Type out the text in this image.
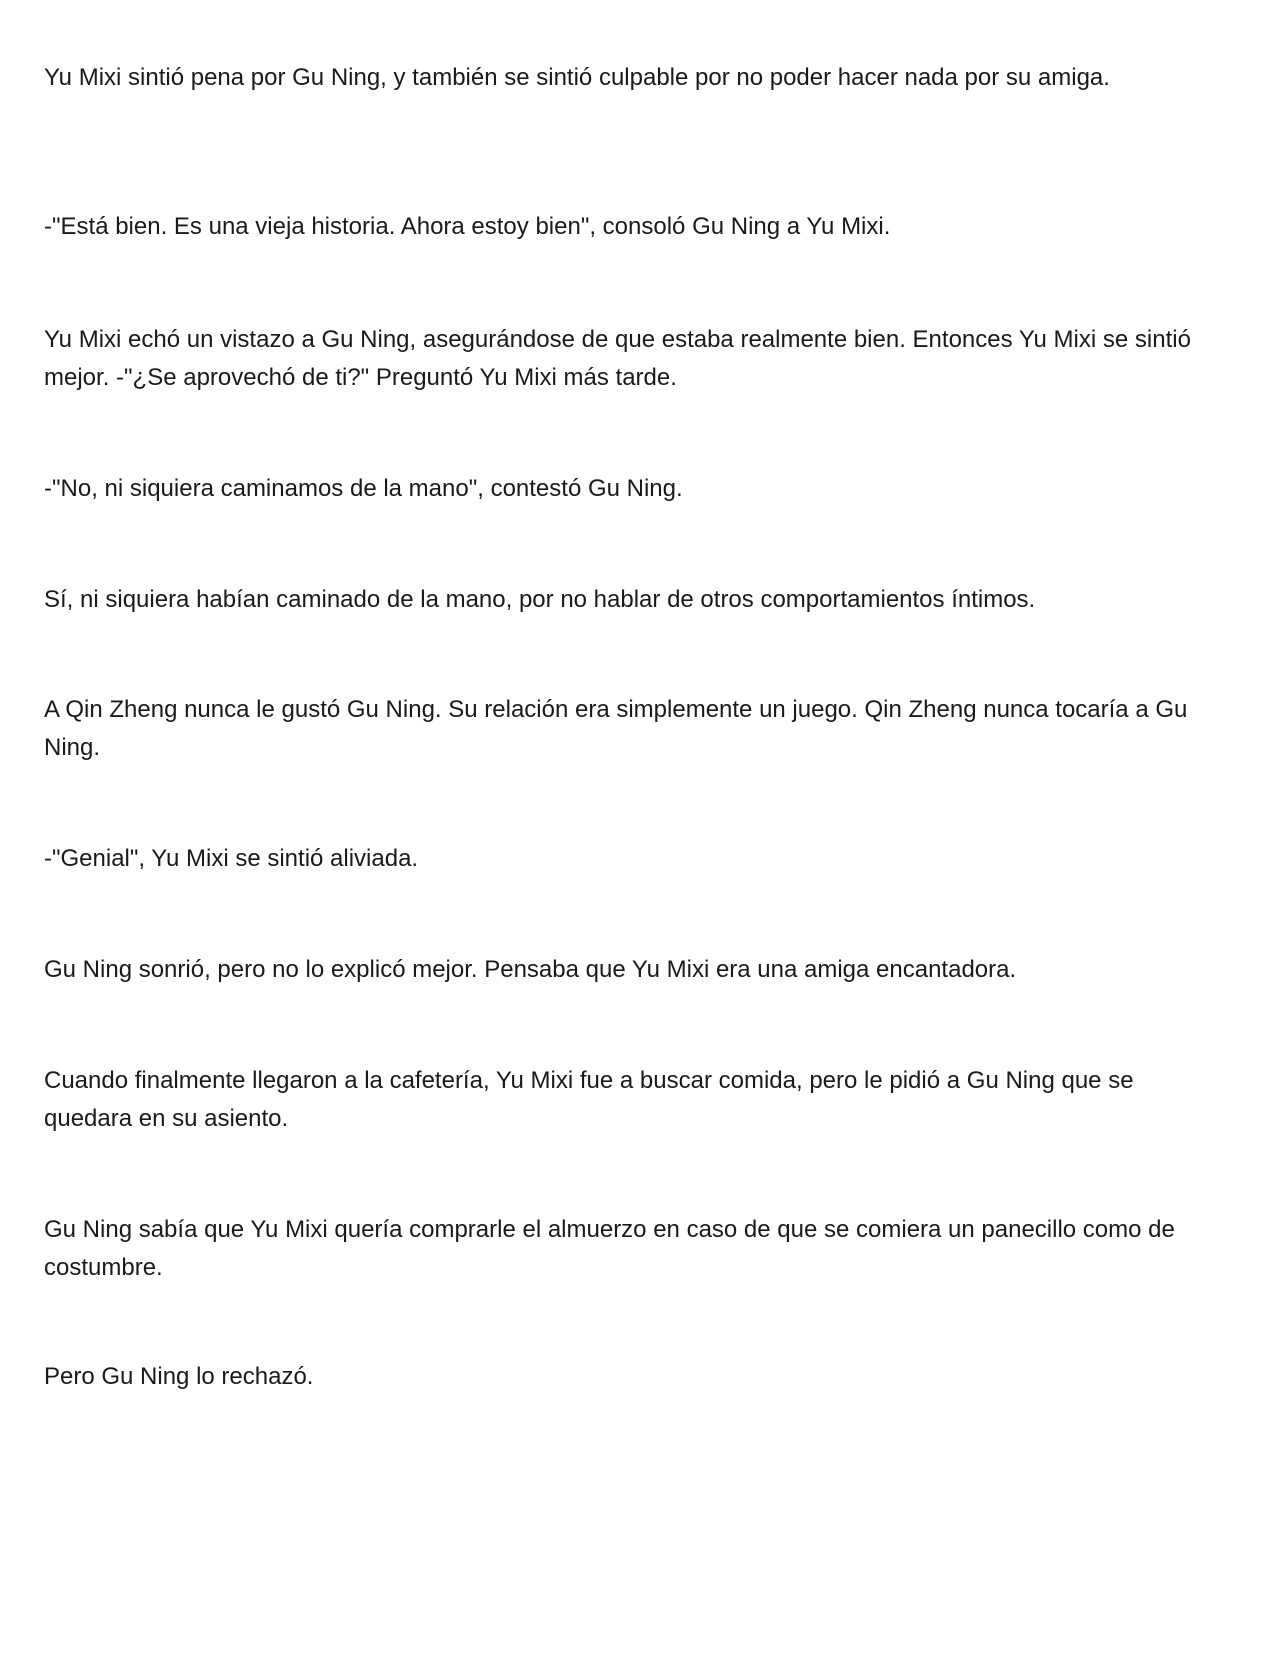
Yu Mixi sintió pena por Gu Ning, y también se sintió culpable por no poder hacer nada por su amiga.

-"Está bien. Es una vieja historia. Ahora estoy bien", consoló Gu Ning a Yu Mixi.

Yu Mixi echó un vistazo a Gu Ning, asegurándose de que estaba realmente bien. Entonces Yu Mixi se sintió mejor. -"¿Se aprovechó de ti?" Preguntó Yu Mixi más tarde.

-"No, ni siquiera caminamos de la mano", contestó Gu Ning.

Sí, ni siquiera habían caminado de la mano, por no hablar de otros comportamientos íntimos.

A Qin Zheng nunca le gustó Gu Ning. Su relación era simplemente un juego. Qin Zheng nunca tocaría a Gu Ning.

-"Genial", Yu Mixi se sintió aliviada.

Gu Ning sonrió, pero no lo explicó mejor. Pensaba que Yu Mixi era una amiga encantadora.

Cuando finalmente llegaron a la cafetería, Yu Mixi fue a buscar comida, pero le pidió a Gu Ning que se quedara en su asiento.

Gu Ning sabía que Yu Mixi quería comprarle el almuerzo en caso de que se comiera un panecillo como de costumbre.

Pero Gu Ning lo rechazó.
